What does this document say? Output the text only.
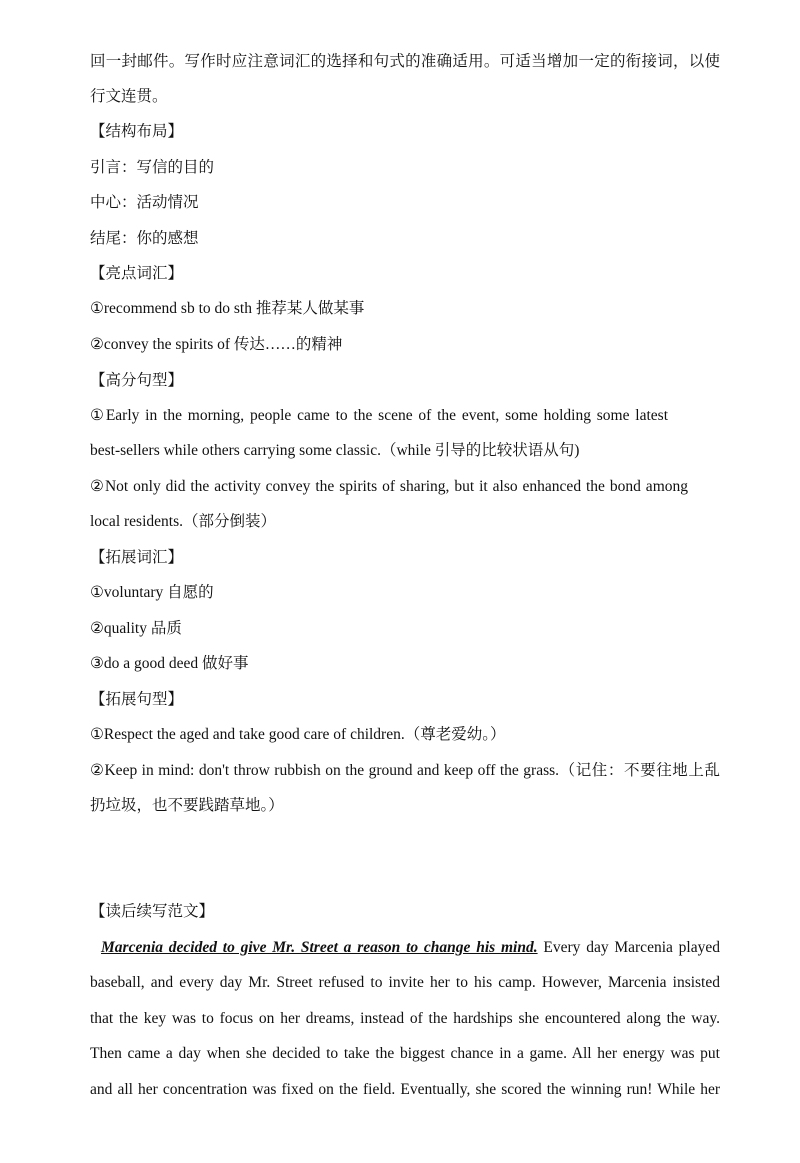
回一封邮件。写作时应注意词汇的选择和句式的准确适用。可适当增加一定的衔接词，以使
行文连贯。
【结构布局】
引言：写信的目的
中心：活动情况
结尾：你的感想
【亮点词汇】
①recommend sb to do sth 推荐某人做某事
②convey the spirits of 传达……的精神
【高分句型】
①Early in the morning, people came to the scene of the event, some holding some latest
best-sellers while others carrying some classic.（while 引导的比较状语从句)
②Not only did the activity convey the spirits of sharing, but it also enhanced the bond among
local residents.（部分倒装）
【拓展词汇】
①voluntary 自愿的
②quality 品质
③do a good deed 做好事
【拓展句型】
①Respect the aged and take good care of children.（尊老爱幼。）
②Keep in mind: don't throw rubbish on the ground and keep off the grass.（记住：不要往地上乱
扔垃圾，也不要践踏草地。）
【读后续写范文】
Marcenia decided to give Mr. Street a reason to change his mind. Every day Marcenia played
baseball, and every day Mr. Street refused to invite her to his camp. However, Marcenia insisted
that the key was to focus on her dreams, instead of the hardships she encountered along the way.
Then came a day when she decided to take the biggest chance in a game. All her energy was put
and all her concentration was fixed on the field. Eventually, she scored the winning run! While her
